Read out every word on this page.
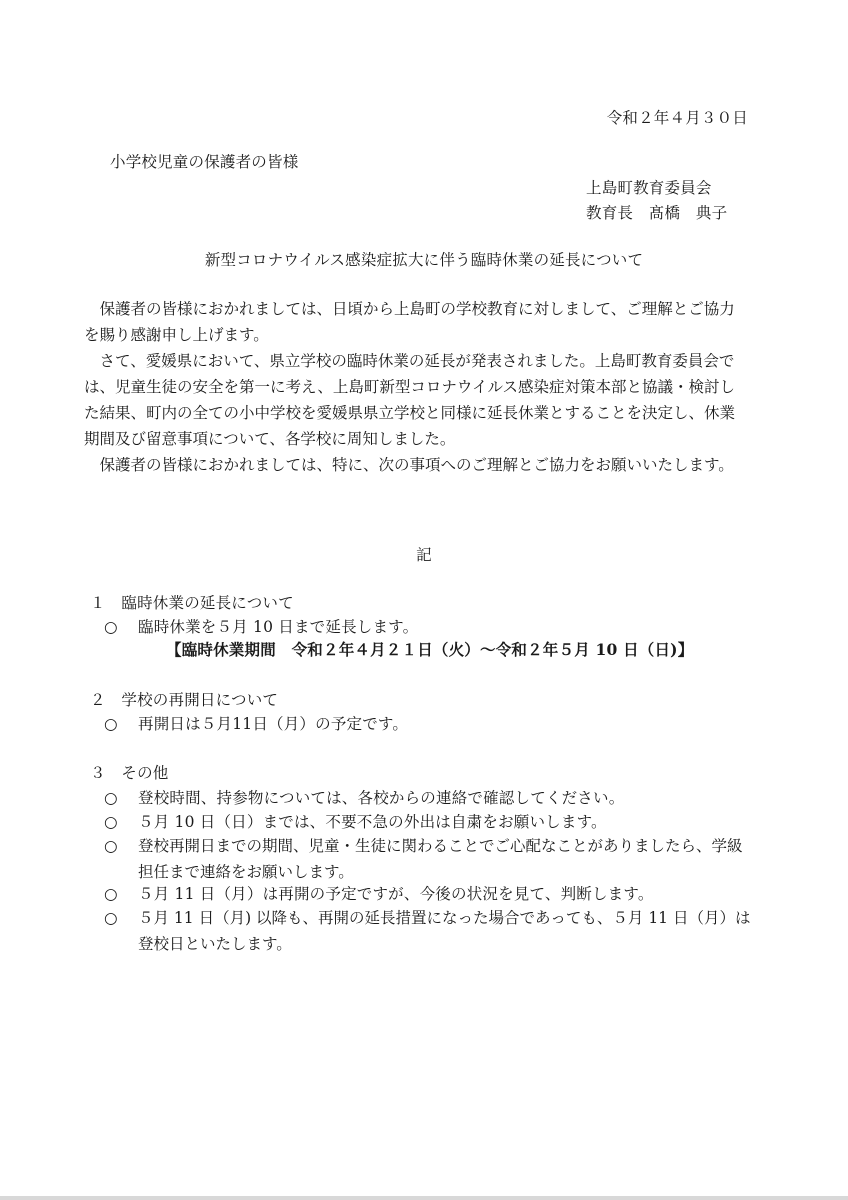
令和２年４月３０日
小学校児童の保護者の皆様
上島町教育委員会
教育長　髙橋　典子
新型コロナウイルス感染症拡大に伴う臨時休業の延長について

保護者の皆様におかれましては、日頃から上島町の学校教育に対しまして、ご理解とご協力を賜り感謝申し上げます。

さて、愛媛県において、県立学校の臨時休業の延長が発表されました。上島町教育委員会では、児童生徒の安全を第一に考え、上島町新型コロナウイルス感染症対策本部と協議・検討した結果、町内の全ての小中学校を愛媛県県立学校と同様に延長休業とすることを決定し、休業期間及び留意事項について、各学校に周知しました。

保護者の皆様におかれましては、特に、次の事項へのご理解とご協力をお願いいたします。

記
１　臨時休業の延長について
○	臨時休業を５月 10 日まで延長します。
【臨時休業期間　令和２年４月２１日（火）～令和２年５月 10 日（日)】
２　学校の再開日について
○	再開日は５月11日（月）の予定です。
３　その他
○	登校時間、持参物については、各校からの連絡で確認してください。
○	５月 10 日（日）までは、不要不急の外出は自粛をお願いします。
○	登校再開日までの期間、児童・生徒に関わることでご心配なことがありましたら、学級担任まで連絡をお願いします。
○	５月 11 日（月）は再開の予定ですが、今後の状況を見て、判断します。
○	５月 11 日（月) 以降も、再開の延長措置になった場合であっても、５月 11 日（月）は登校日といたします。
